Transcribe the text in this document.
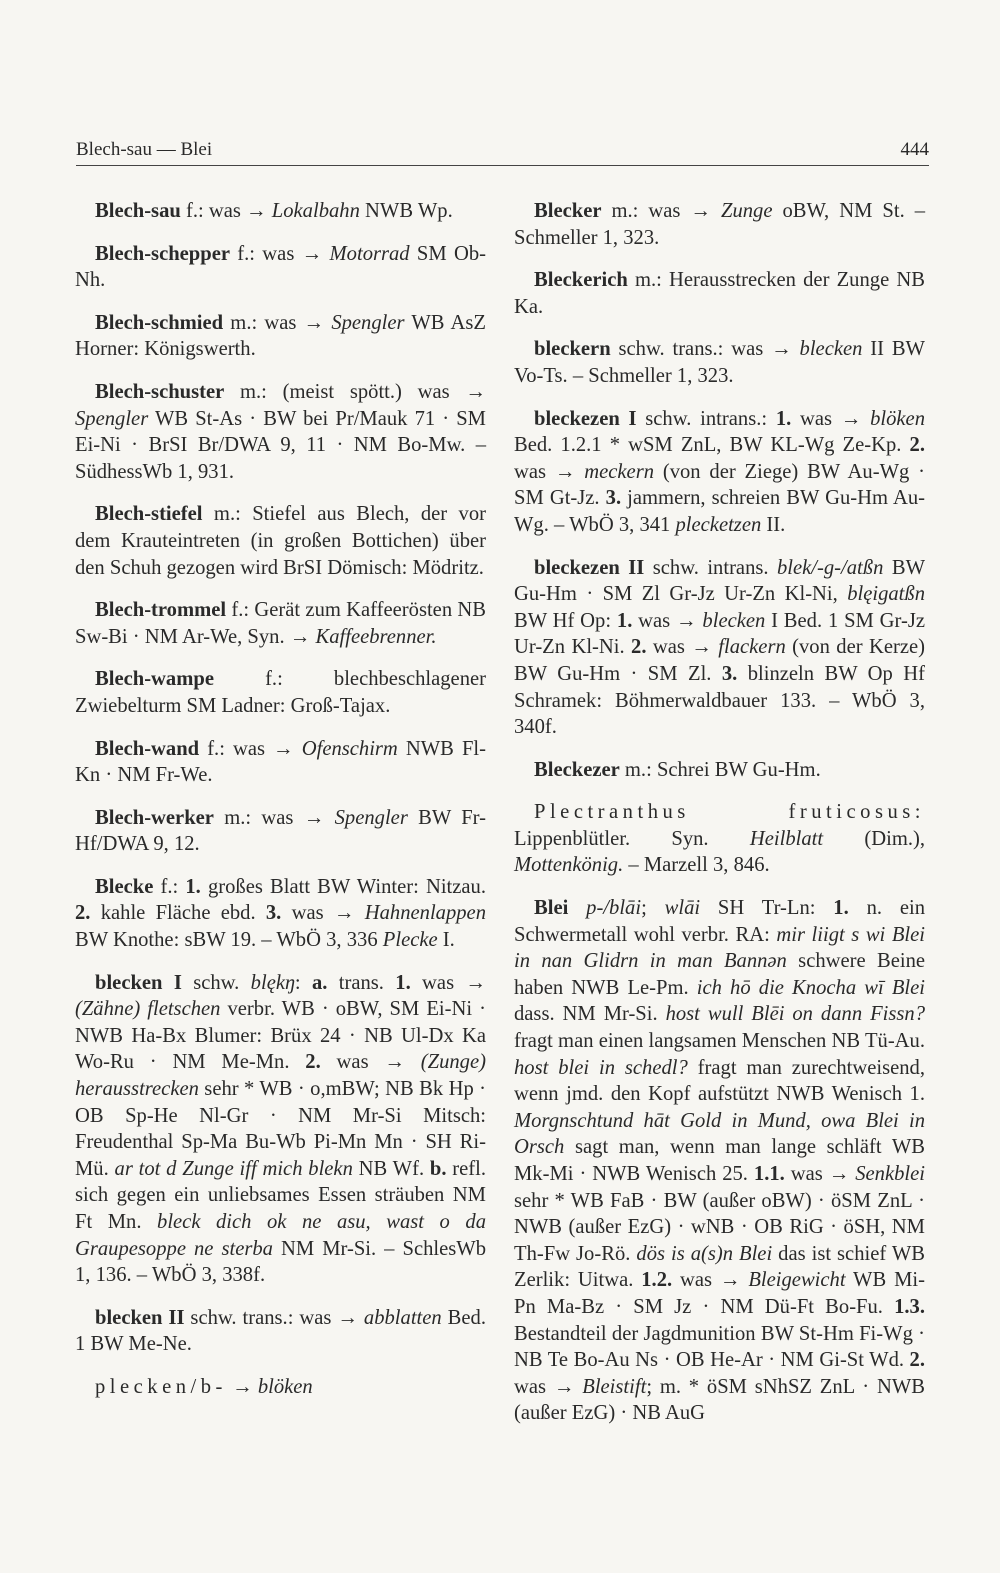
Blech-sau — Blei	444

Blech-sau f.: was → Lokalbahn NWB Wp.

Blech-schepper f.: was → Motorrad SM Ob-Nh.

Blech-schmied m.: was → Spengler WB AsZ Horner: Königswerth.

Blech-schuster m.: (meist spött.) was → Spengler WB St-As · BW bei Pr/Mauk 71 · SM Ei-Ni · BrSI Br/DWA 9, 11 · NM Bo-Mw. – SüdhessWb 1, 931.

Blech-stiefel m.: Stiefel aus Blech, der vor dem Krauteintreten (in großen Bottichen) über den Schuh gezogen wird BrSI Dömisch: Mödritz.

Blech-trommel f.: Gerät zum Kaffeerösten NB Sw-Bi · NM Ar-We, Syn. → Kaffeebrenner.

Blech-wampe f.: blechbeschlagener Zwiebelturm SM Ladner: Groß-Tajax.

Blech-wand f.: was → Ofenschirm NWB Fl-Kn · NM Fr-We.

Blech-werker m.: was → Spengler BW Fr-Hf/DWA 9, 12.

Blecke f.: 1. großes Blatt BW Winter: Nitzau. 2. kahle Fläche ebd. 3. was → Hahnenlappen BW Knothe: sBW 19. – WbÖ 3, 336 Plecke I.

blecken I schw. blękŋ: a. trans. 1. was → (Zähne) fletschen verbr. WB · oBW, SM Ei-Ni · NWB Ha-Bx Blumer: Brüx 24 · NB Ul-Dx Ka Wo-Ru · NM Me-Mn. 2. was → (Zunge) herausstrecken sehr * WB · o,mBW; NB Bk Hp · OB Sp-He Nl-Gr · NM Mr-Si Mitsch: Freudenthal Sp-Ma Bu-Wb Pi-Mn Mn · SH Ri-Mü. ar tot d Zunge iff mich blekn NB Wf. b. refl. sich gegen ein unliebsames Essen sträuben NM Ft Mn. bleck dich ok ne asu, wast o da Graupesoppe ne sterba NM Mr-Si. – SchlesWb 1, 136. – WbÖ 3, 338f.

blecken II schw. trans.: was → abblatten Bed. 1 BW Me-Ne.

plecken/b- → blöken

Blecker m.: was → Zunge oBW, NM St. – Schmeller 1, 323.

Bleckerich m.: Herausstrecken der Zunge NB Ka.

bleckern schw. trans.: was → blecken II BW Vo-Ts. – Schmeller 1, 323.

bleckezen I schw. intrans.: 1. was → blöken Bed. 1.2.1 * wSM ZnL, BW KL-Wg Ze-Kp. 2. was → meckern (von der Ziege) BW Au-Wg · SM Gt-Jz. 3. jammern, schreien BW Gu-Hm Au-Wg. – WbÖ 3, 341 plecketzen II.

bleckezen II schw. intrans. blek/-g-/atßn BW Gu-Hm · SM Zl Gr-Jz Ur-Zn Kl-Ni, blęigatßn BW Hf Op: 1. was → blecken I Bed. 1 SM Gr-Jz Ur-Zn Kl-Ni. 2. was → flackern (von der Kerze) BW Gu-Hm · SM Zl. 3. blinzeln BW Op Hf Schramek: Böhmerwaldbauer 133. – WbÖ 3, 340f.

Bleckezer m.: Schrei BW Gu-Hm.

Plectranthus fruticosus: Lippenblütler. Syn. Heilblatt (Dim.), Mottenkönig. – Marzell 3, 846.

Blei p-/blāi; wlāi SH Tr-Ln: 1. n. ein Schwermetall wohl verbr. RA: mir liigt s wi Blei in nan Glidrn in man Bannən schwere Beine haben NWB Le-Pm. ich hō die Knocha wī Blei dass. NM Mr-Si. host wull Blēi on dann Fissn? fragt man einen langsamen Menschen NB Tü-Au. host blei in schedl? fragt man zurechtweisend, wenn jmd. den Kopf aufstützt NWB Wenisch 1. Morgnschtund hāt Gold in Mund, owa Blei in Orsch sagt man, wenn man lange schläft WB Mk-Mi · NWB Wenisch 25. 1.1. was → Senkblei sehr * WB FaB · BW (außer oBW) · öSM ZnL · NWB (außer EzG) · wNB · OB RiG · öSH, NM Th-Fw Jo-Rö. dös is a(s)n Blei das ist schief WB Zerlik: Uitwa. 1.2. was → Bleigewicht WB Mi-Pn Ma-Bz · SM Jz · NM Dü-Ft Bo-Fu. 1.3. Bestandteil der Jagdmunition BW St-Hm Fi-Wg · NB Te Bo-Au Ns · OB He-Ar · NM Gi-St Wd. 2. was → Bleistift; m. * öSM sNhSZ ZnL · NWB (außer EzG) · NB AuG
